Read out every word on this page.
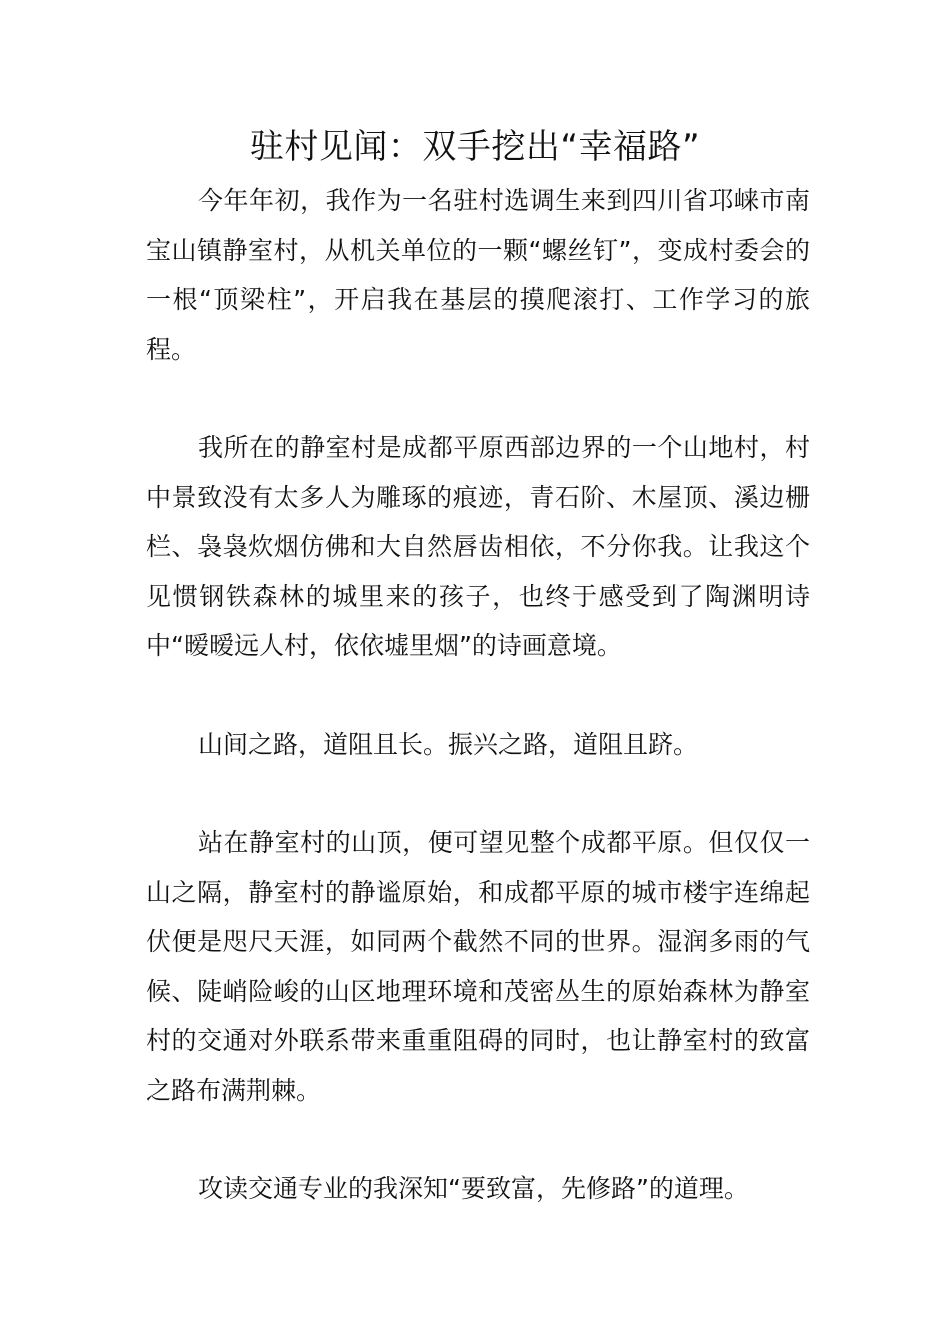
驻村见闻：双手挖出“幸福路”

今年年初，我作为一名驻村选调生来到四川省邛崃市南宝山镇静室村，从机关单位的一颗“螺丝钉”，变成村委会的一根“顶梁柱”，开启我在基层的摸爬滚打、工作学习的旅程。

我所在的静室村是成都平原西部边界的一个山地村，村中景致没有太多人为雕琢的痕迹，青石阶、木屋顶、溪边栅栏、袅袅炊烟仿佛和大自然唇齿相依，不分你我。让我这个见惯钢铁森林的城里来的孩子，也终于感受到了陶渊明诗中“暧暧远人村，依依墟里烟”的诗画意境。

山间之路，道阻且长。振兴之路，道阻且跻。

站在静室村的山顶，便可望见整个成都平原。但仅仅一山之隔，静室村的静谧原始，和成都平原的城市楼宇连绵起伏便是咫尺天涯，如同两个截然不同的世界。湿润多雨的气候、陡峭险峻的山区地理环境和茂密丛生的原始森林为静室村的交通对外联系带来重重阻碍的同时，也让静室村的致富之路布满荆棘。

攻读交通专业的我深知“要致富，先修路”的道理。
